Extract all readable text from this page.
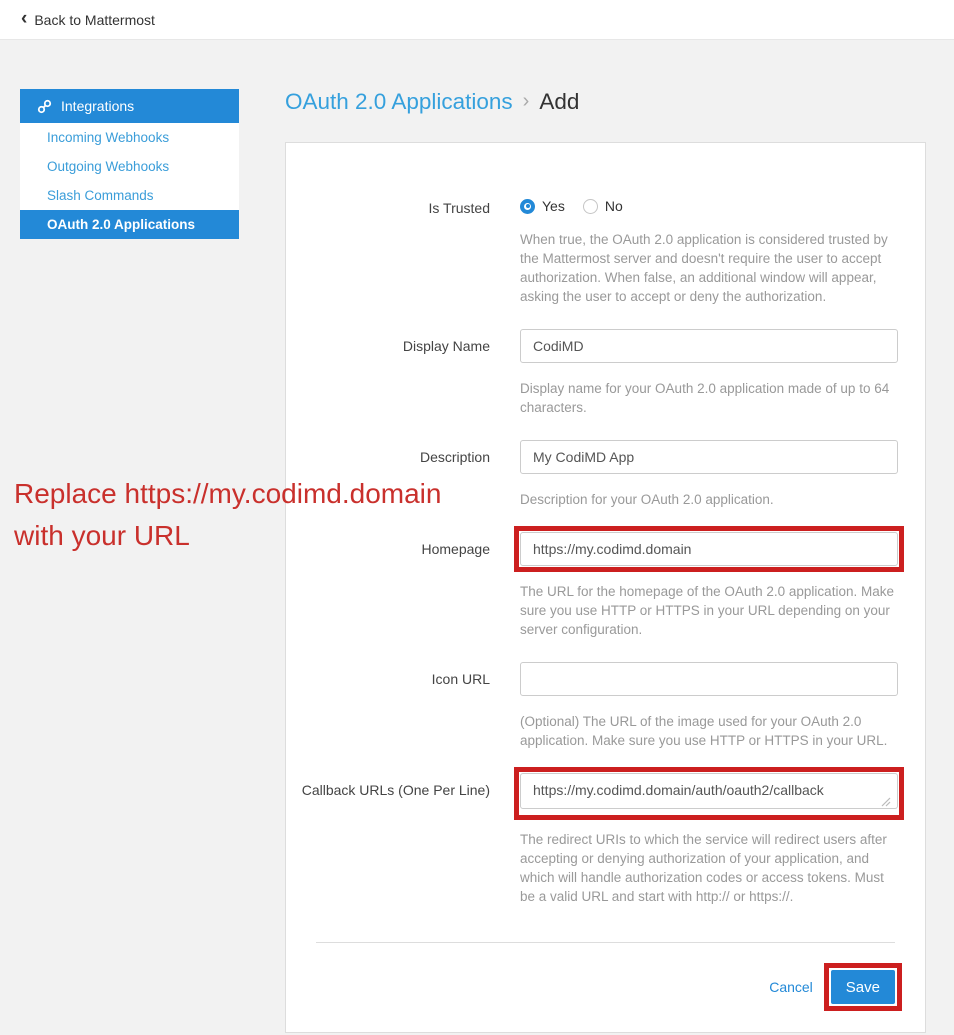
‹ Back to Mattermost
Integrations
Incoming Webhooks
Outgoing Webhooks
Slash Commands
OAuth 2.0 Applications
OAuth 2.0 Applications › Add
Is Trusted	Yes	No

When true, the OAuth 2.0 application is considered trusted by the Mattermost server and doesn't require the user to accept authorization. When false, an additional window will appear, asking the user to accept or deny the authorization.

Display Name
CodiMD

Display name for your OAuth 2.0 application made of up to 64 characters.

Description
My CodiMD App

Description for your OAuth 2.0 application.

Homepage
https://my.codimd.domain

The URL for the homepage of the OAuth 2.0 application. Make sure you use HTTP or HTTPS in your URL depending on your server configuration.

Icon URL

(Optional) The URL of the image used for your OAuth 2.0 application. Make sure you use HTTP or HTTPS in your URL.

Callback URLs (One Per Line)
https://my.codimd.domain/auth/oauth2/callback

The redirect URIs to which the service will redirect users after accepting or denying authorization of your application, and which will handle authorization codes or access tokens. Must be a valid URL and start with http:// or https://.

Cancel	Save
Replace https://my.codimd.domain
with your URL
